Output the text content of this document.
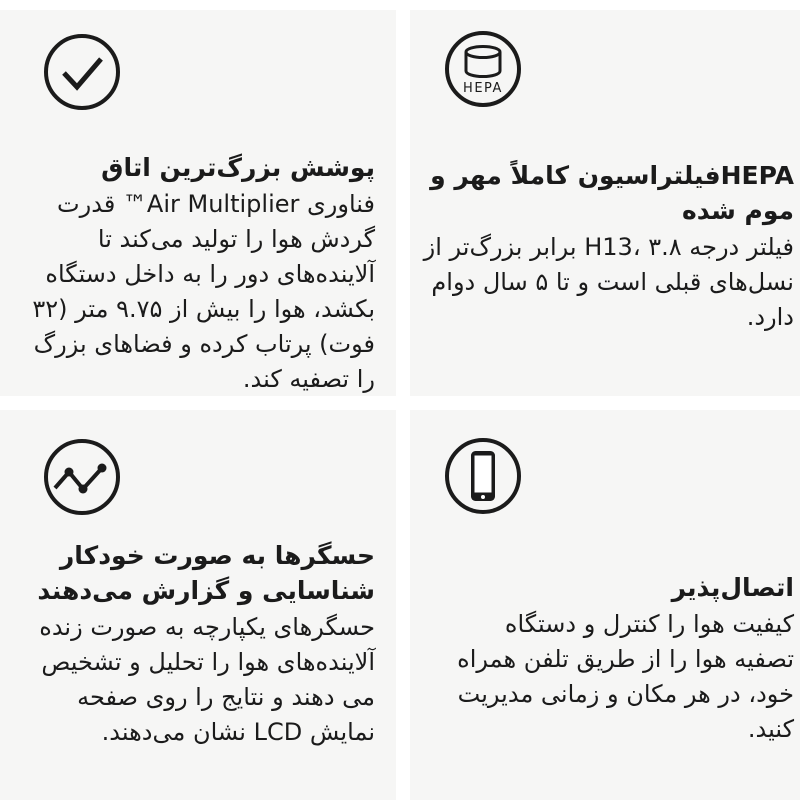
پوشش بزرگ‌ترین اتاق

فناوری Air Multiplier™ قدرت گردش هوا را تولید می‌کند تا آلاینده‌های دور را به داخل دستگاه بکشد، هوا را بیش از ۹.۷۵ متر (۳۲ فوت) پرتاب کرده و فضاهای بزرگ را تصفیه کند.

HEPA
HEPAفیلتراسیون کاملاً مهر و موم شده

فیلتر درجه H13، ۳.۸ برابر بزرگ‌تر از نسل‌های قبلی است و تا ۵ سال دوام دارد.

حسگرها به صورت خودکار شناسایی و گزارش می‌دهند

حسگرهای یکپارچه به صورت زنده آلاینده‌های هوا را تحلیل و تشخیص می دهند و نتایج را روی صفحه نمایش LCD نشان می‌دهند.

اتصال‌پذیر

کیفیت هوا را کنترل و دستگاه تصفیه هوا را از طریق تلفن همراه خود، در هر مکان و زمانی مدیریت کنید.
